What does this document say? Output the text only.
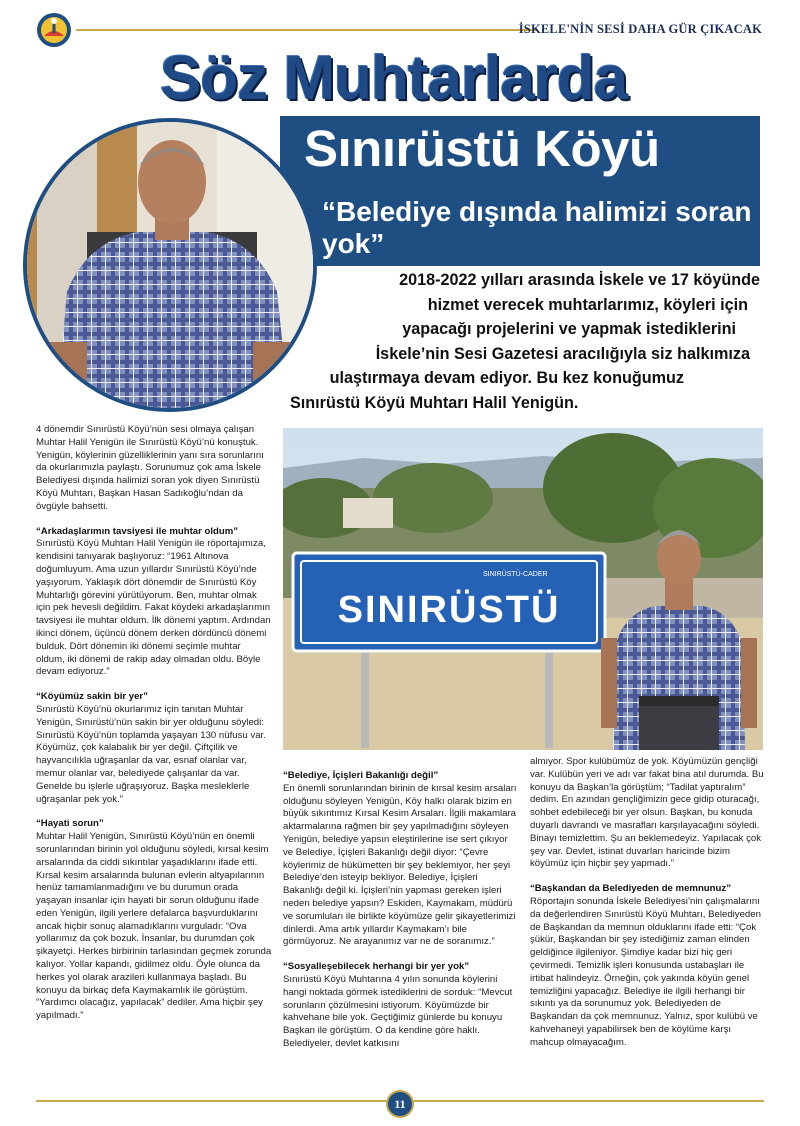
İSKELE'NİN SESİ DAHA GÜR ÇIKACAK
Söz Muhtarlarda
Sınırüstü Köyü
“Belediye dışında halimizi soran yok”
2018-2022 yılları arasında İskele ve 17 köyünde
hizmet verecek muhtarlarımız, köyleri için
yapacağı projelerini ve yapmak istediklerini
İskele’nin Sesi Gazetesi aracılığıyla siz halkımıza
ulaştırmaya devam ediyor. Bu kez konuğumuz
Sınırüstü Köyü Muhtarı Halil Yenigün.

4 dönemdir Sınırüstü Köyü’nün sesi olmaya çalışan Muhtar Halil Yenigün ile Sınırüstü Köyü’nü konuştuk. Yenigün, köylerinin güzelliklerinin yanı sıra sorunlarını da okurlarımızla paylaştı. Sorunumuz çok ama İskele Belediyesi dışında halimizi soran yok diyen Sınırüstü Köyü Muhtarı, Başkan Hasan Sadıkoğlu’ndan da övgüyle bahsetti.

“Arkadaşlarımın tavsiyesi ile muhtar oldum”
Sınırüstü Köyü Muhtarı Halil Yenigün ile röportajımıza, kendisini tanıyarak başlıyoruz: “1961 Altınova doğumluyum. Ama uzun yıllardır Sınırüstü Köyü’nde yaşıyorum. Yaklaşık dört dönemdir de Sınırüstü Köy Muhtarlığı görevini yürütüyorum. Ben, muhtar olmak için pek hevesli değildim. Fakat köydeki arkadaşlarımın tavsiyesi ile muhtar oldum. İlk dönemi yaptım. Ardından ikinci dönem, üçüncü dönem derken dördüncü dönemi bulduk. Dört dönemin iki dönemi seçimle muhtar oldum, iki dönemi de rakip aday olmadan oldu. Böyle devam ediyoruz.”

“Köyümüz sakin bir yer”
Sınırüstü Köyü’nü okurlarımız için tanıtan Muhtar Yenigün, Sınırüstü’nün sakin bir yer olduğunu söyledi: Sınırüstü Köyü’nün toplamda yaşayan 130 nüfusu var. Köyümüz, çok kalabalık bir yer değil. Çiftçilik ve hayvancılıkla uğraşanlar da var, esnaf olanlar var, memur olanlar var, belediyede çalışanlar da var. Genelde bu işlerle uğraşıyoruz. Başka mesleklerle uğraşanlar pek yok.”

“Hayati sorun”
Muhtar Halil Yenigün, Sınırüstü Köyü’nün en önemli sorunlarından birinin yol olduğunu söyledi, kırsal kesim arsalarında da ciddi sıkıntılar yaşadıklarını ifade etti. Kırsal kesim arsalarında bulunan evlerin altyapılarının henüz tamamlanmadığını ve bu durumun orada yaşayan insanlar için hayati bir sorun olduğunu ifade eden Yenigün, ilgili yerlere defalarca başvurduklarını ancak hiçbir sonuç alamadıklarını vurguladı: “Ova yollarımız da çok bozuk. İnsanlar, bu durumdan çok şikayetçi. Herkes birbirinin tarlasından geçmek zorunda kalıyor. Yollar kapandı, gidilmez oldu. Öyle olunca da herkes yol olarak arazileri kullanmaya başladı. Bu konuyu da birkaç defa Kaymakamlık ile görüştüm. “Yardımcı olacağız, yapılacak” dediler. Ama hiçbir şey yapılmadı.”

SINIRÜSTÜ-CADER
SINIRÜSTÜ

“Belediye, İçişleri Bakanlığı değil”
En önemli sorunlarından birinin de kırsal kesim arsaları olduğunu söyleyen Yenigün, Köy halkı olarak bizim en büyük sıkıntımız Kırsal Kesim Arsaları. İlgili makamlara aktarmalarına rağmen bir şey yapılmadığını söyleyen Yenigün, belediye yapsın eleştirilerine ise sert çıkıyor ve Belediye, İçişleri Bakanlığı değil diyor: “Çevre köylerimiz de hükümetten bir şey beklemiyor, her şeyi Belediye’den isteyip bekliyor. Belediye, İçişleri Bakanlığı değil ki. İçişleri’nin yapması gereken işleri neden belediye yapsın? Eskiden, Kaymakam, müdürü ve sorumluları ile birlikte köyümüze gelir şikayetlerimizi dinlerdi. Ama artık yıllardır Kaymakam’ı bile görmüyoruz. Ne arayanımız var ne de soranımız.”

“Sosyalleşebilecek herhangi bir yer yok”
Sınırüstü Köyü Muhtarına 4 yılın sonunda köylerini hangi noktada görmek istediklerini de sorduk: “Mevcut sorunların çözülmesini istiyorum. Köyümüzde bir kahvehane bile yok. Geçtiğimiz günlerde bu konuyu Başkan ile görüştüm. O da kendine göre haklı. Belediyeler, devlet katkısını

almıyor. Spor kulübümüz de yok. Köyümüzün gençliği var. Kulübün yeri ve adı var fakat bina atıl durumda. Bu konuyu da Başkan’la görüştüm; “Tadilat yaptıralım” dedim. En azından gençliğimizin gece gidip oturacağı, sohbet edebileceği bir yer olsun. Başkan, bu konuda duyarlı davrandı ve masrafları karşılayacağını söyledi. Binayı temizlettim. Şu an beklemedeyiz. Yapılacak çok şey var. Devlet, istinat duvarları haricinde bizim köyümüz için hiçbir şey yapmadı.”

“Başkandan da Belediyeden de memnunuz”
Röportajın sonunda İskele Belediyesi’nin çalışmalarını da değerlendiren Sınırüstü Köyü Muhtarı, Belediyeden de Başkandan da memnun olduklarını ifade etti: “Çok şükür, Başkandan bir şey istediğimiz zaman elinden geldiğince ilgileniyor. Şimdiye kadar bizi hiç geri çevirmedi. Temizlik işleri konusunda ustabaşları ile irtibat halindeyiz. Örneğin, çok yakında köyün genel temizliğini yapacağız. Belediye ile ilgili herhangi bir sıkıntı ya da sorunumuz yok. Belediyeden de Başkandan da çok memnunuz. Yalnız, spor kulübü ve kahvehaneyi yapabilirsek ben de köylüme karşı mahcup olmayacağım.

11
